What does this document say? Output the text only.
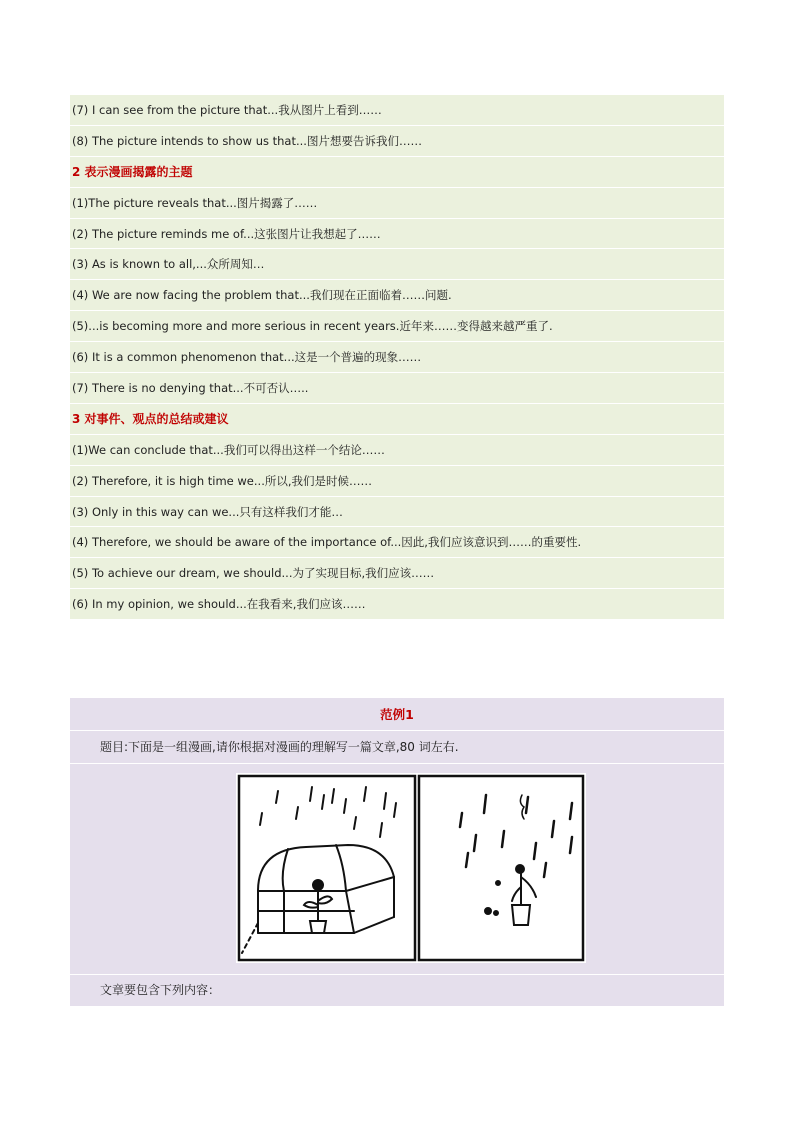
(7) I can see from the picture that...我从图片上看到……
(8) The picture intends to show us that...图片想要告诉我们……
2 表示漫画揭露的主题
(1)The picture reveals that...图片揭露了……
(2) The picture reminds me of...这张图片让我想起了……
(3) As is known to all,...众所周知…
(4) We are now facing the problem that...我们现在正面临着……问题.
(5)...is becoming more and more serious in recent years.近年来……变得越来越严重了.
(6) It is a common phenomenon that...这是一个普遍的现象……
(7) There is no denying that...不可否认…..
3 对事件、观点的总结或建议
(1)We can conclude that...我们可以得出这样一个结论……
(2) Therefore, it is high time we...所以,我们是时候……
(3) Only in this way can we...只有这样我们才能…
(4) Therefore, we should be aware of the importance of...因此,我们应该意识到……的重要性.
(5) To achieve our dream, we should...为了实现目标,我们应该……
(6) In my opinion, we should...在我看来,我们应该……
范例1
题目:下面是一组漫画,请你根据对漫画的理解写一篇文章,80 词左右.
文章要包含下列内容：
